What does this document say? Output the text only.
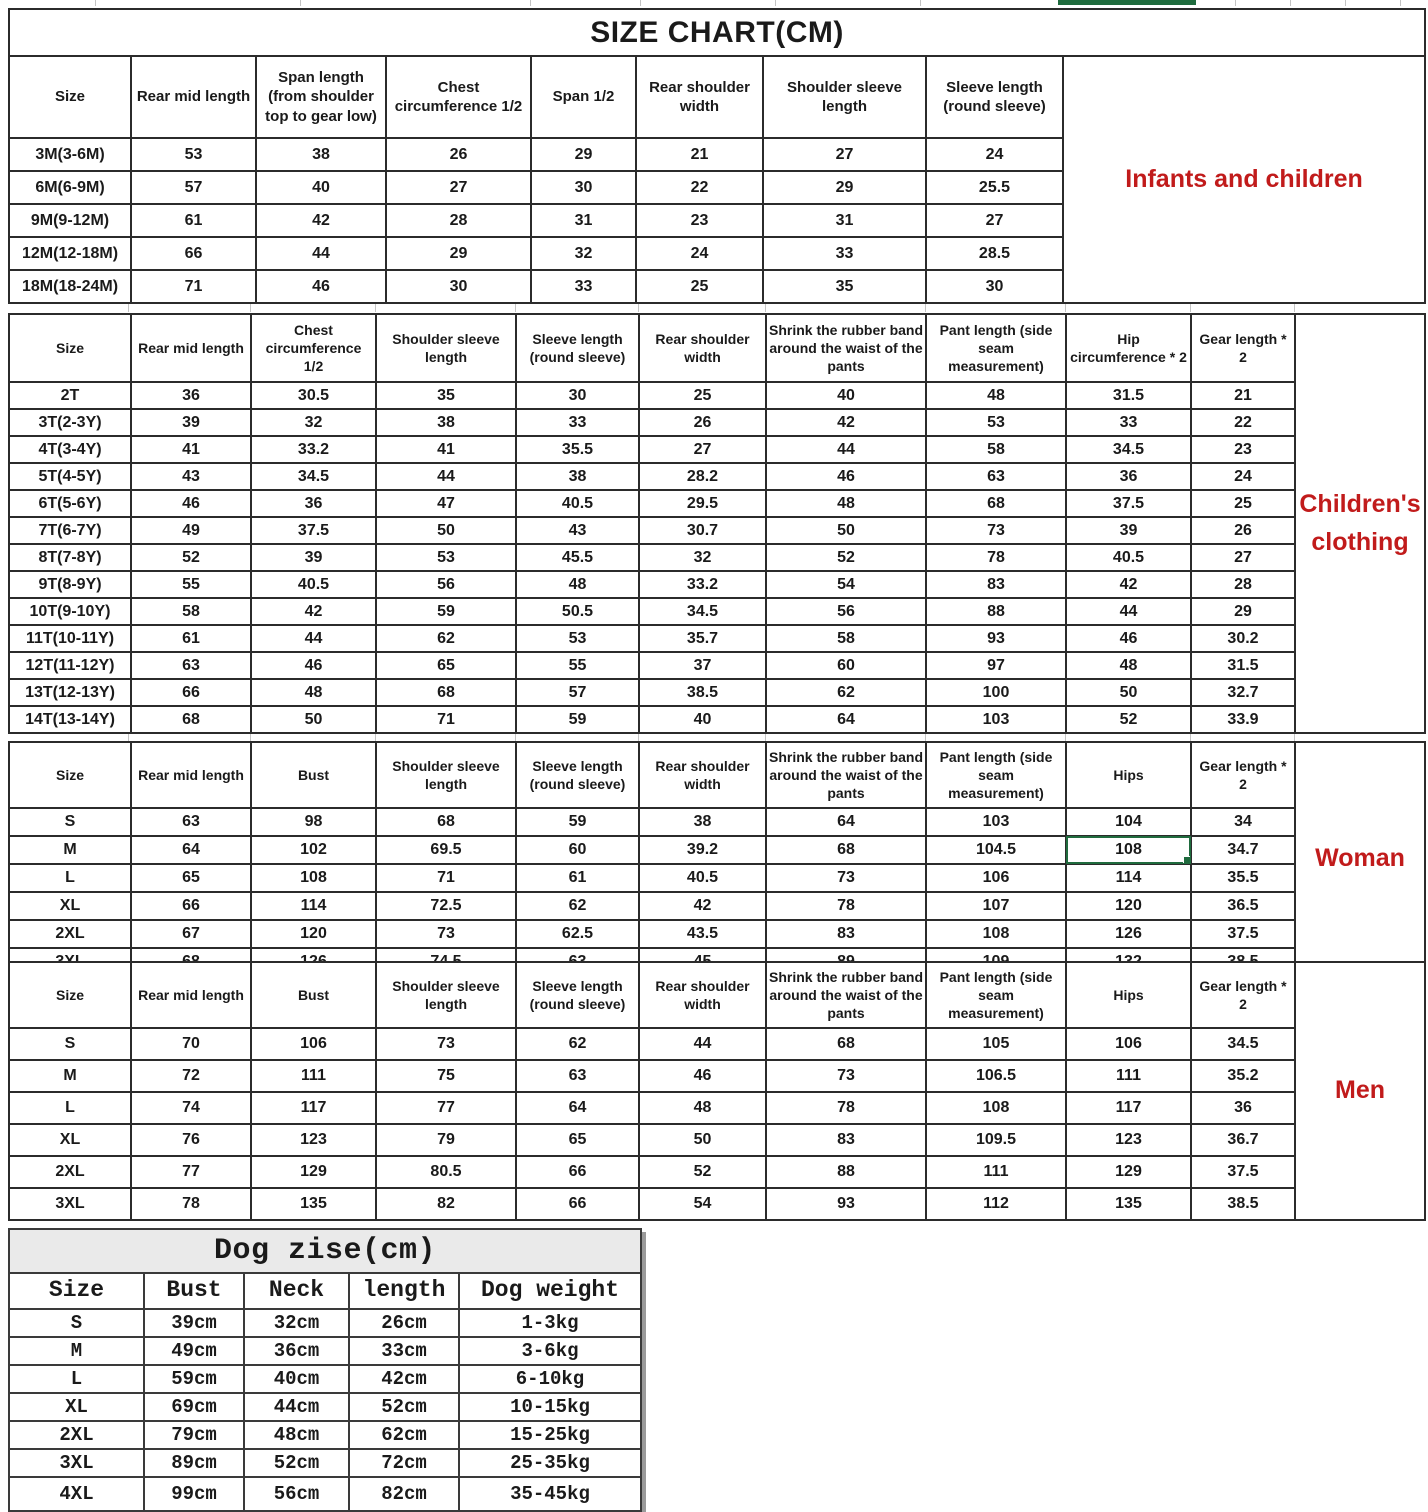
SIZE CHART(CM)								
Size	Rear mid length	Span length (from shoulder top to gear low)	Chest circumference 1/2	Span 1/2	Rear shoulder width	Shoulder sleeve length	Sleeve length (round sleeve)	Infants and children
3M(3-6M)	53	38	26	29	21	27	24	
6M(6-9M)	57	40	27	30	22	29	25.5	
9M(9-12M)	61	42	28	31	23	31	27	
12M(12-18M)	66	44	29	32	24	33	28.5	
18M(18-24M)	71	46	30	33	25	35	30	
Size	Rear mid length	Chest circumference 1/2	Shoulder sleeve length	Sleeve length (round sleeve)	Rear shoulder width	Shrink the rubber band around the waist of the pants	Pant length (side seam measurement)	Hip circumference * 2	Gear length * 2	Children's clothing
2T	36	30.5	35	30	25	40	48	31.5	21	
3T(2-3Y)	39	32	38	33	26	42	53	33	22	
4T(3-4Y)	41	33.2	41	35.5	27	44	58	34.5	23	
5T(4-5Y)	43	34.5	44	38	28.2	46	63	36	24	
6T(5-6Y)	46	36	47	40.5	29.5	48	68	37.5	25	
7T(6-7Y)	49	37.5	50	43	30.7	50	73	39	26	
8T(7-8Y)	52	39	53	45.5	32	52	78	40.5	27	
9T(8-9Y)	55	40.5	56	48	33.2	54	83	42	28	
10T(9-10Y)	58	42	59	50.5	34.5	56	88	44	29	
11T(10-11Y)	61	44	62	53	35.7	58	93	46	30.2	
12T(11-12Y)	63	46	65	55	37	60	97	48	31.5	
13T(12-13Y)	66	48	68	57	38.5	62	100	50	32.7	
14T(13-14Y)	68	50	71	59	40	64	103	52	33.9	
Size	Rear mid length	Bust	Shoulder sleeve length	Sleeve length (round sleeve)	Rear shoulder width	Shrink the rubber band around the waist of the pants	Pant length (side seam measurement)	Hips	Gear length * 2	Woman
S	63	98	68	59	38	64	103	104	34	
M	64	102	69.5	60	39.2	68	104.5	108	34.7	
L	65	108	71	61	40.5	73	106	114	35.5	
XL	66	114	72.5	62	42	78	107	120	36.5	
2XL	67	120	73	62.5	43.5	83	108	126	37.5	

Size	Rear mid length	Bust	Shoulder sleeve length	Sleeve length (round sleeve)	Rear shoulder width	Shrink the rubber band around the waist of the pants	Pant length (side seam measurement)	Hips	Gear length * 2	Men
S	70	106	73	62	44	68	105	106	34.5	
M	72	111	75	63	46	73	106.5	111	35.2	
L	74	117	77	64	48	78	108	117	36	
XL	76	123	79	65	50	83	109.5	123	36.7	
2XL	77	129	80.5	66	52	88	111	129	37.5	
3XL	78	135	82	66	54	93	112	135	38.5	
Dog zise(cm)				
Size	Bust	Neck	length	Dog weight
S	39cm	32cm	26cm	1-3kg
M	49cm	36cm	33cm	3-6kg
L	59cm	40cm	42cm	6-10kg
XL	69cm	44cm	52cm	10-15kg
2XL	79cm	48cm	62cm	15-25kg
3XL	89cm	52cm	72cm	25-35kg
4XL	99cm	56cm	82cm	35-45kg
